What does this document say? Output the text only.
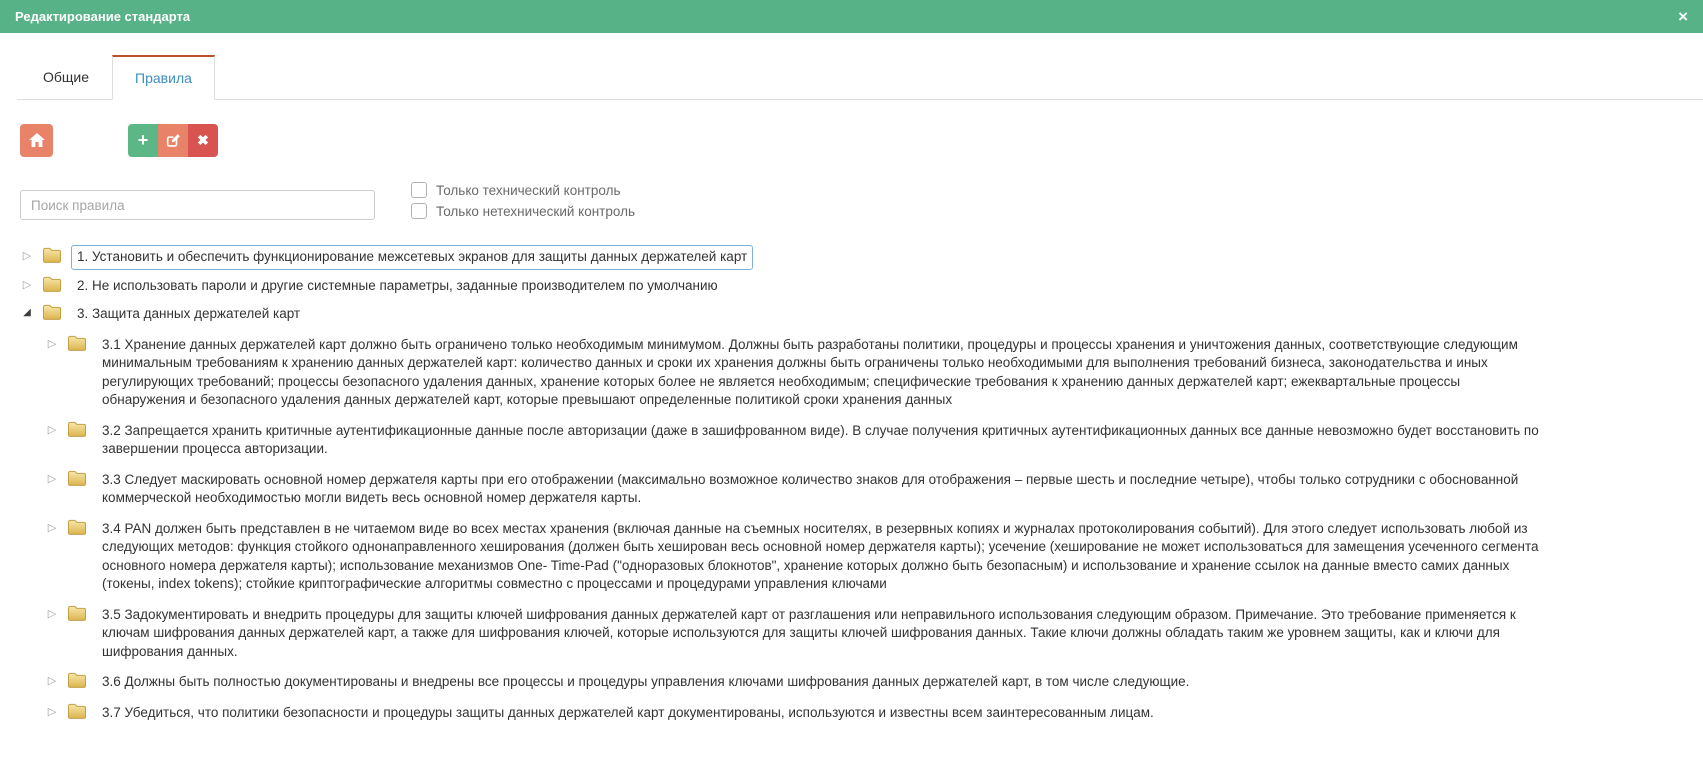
Редактирование стандарта	×
Общие	Правила
+	✖
Поиск правила
Только технический контроль
Только нетехнический контроль
▷	1. Установить и обеспечить функционирование межсетевых экранов для защиты данных держателей карт
▷	2. Не использовать пароли и другие системные параметры, заданные производителем по умолчанию
◢	3. Защита данных держателей карт
▷	3.1 Хранение данных держателей карт должно быть ограничено только необходимым минимумом. Должны быть разработаны политики, процедуры и процессы хранения и уничтожения данных, соответствующие следующим минимальным требованиям к хранению данных держателей карт: количество данных и сроки их хранения должны быть ограничены только необходимыми для выполнения требований бизнеса, законодательства и иных регулирующих требований; процессы безопасного удаления данных, хранение которых более не является необходимым; специфические требования к хранению данных держателей карт; ежеквартальные процессы обнаружения и безопасного удаления данных держателей карт, которые превышают определенные политикой сроки хранения данных
▷	3.2 Запрещается хранить критичные аутентификационные данные после авторизации (даже в зашифрованном виде). В случае получения критичных аутентификационных данных все данные невозможно будет восстановить по завершении процесса авторизации.
▷	3.3 Следует маскировать основной номер держателя карты при его отображении (максимально возможное количество знаков для отображения – первые шесть и последние четыре), чтобы только сотрудники с обоснованной коммерческой необходимостью могли видеть весь основной номер держателя карты.
▷	3.4 PAN должен быть представлен в не читаемом виде во всех местах хранения (включая данные на съемных носителях, в резервных копиях и журналах протоколирования событий). Для этого следует использовать любой из следующих методов: функция стойкого однонаправленного хеширования (должен быть хеширован весь основной номер держателя карты); усечение (хеширование не может использоваться для замещения усеченного сегмента основного номера держателя карты); использование механизмов One- Time-Pad ("одноразовых блокнотов", хранение которых должно быть безопасным) и использование и хранение ссылок на данные вместо самих данных (токены, index tokens); стойкие криптографические алгоритмы совместно с процессами и процедурами управления ключами
▷	3.5 Задокументировать и внедрить процедуры для защиты ключей шифрования данных держателей карт от разглашения или неправильного использования следующим образом. Примечание. Это требование применяется к ключам шифрования данных держателей карт, а также для шифрования ключей, которые используются для защиты ключей шифрования данных. Такие ключи должны обладать таким же уровнем защиты, как и ключи для шифрования данных.
▷	3.6 Должны быть полностью документированы и внедрены все процессы и процедуры управления ключами шифрования данных держателей карт, в том числе следующие.
▷	3.7 Убедиться, что политики безопасности и процедуры защиты данных держателей карт документированы, используются и известны всем заинтересованным лицам.
